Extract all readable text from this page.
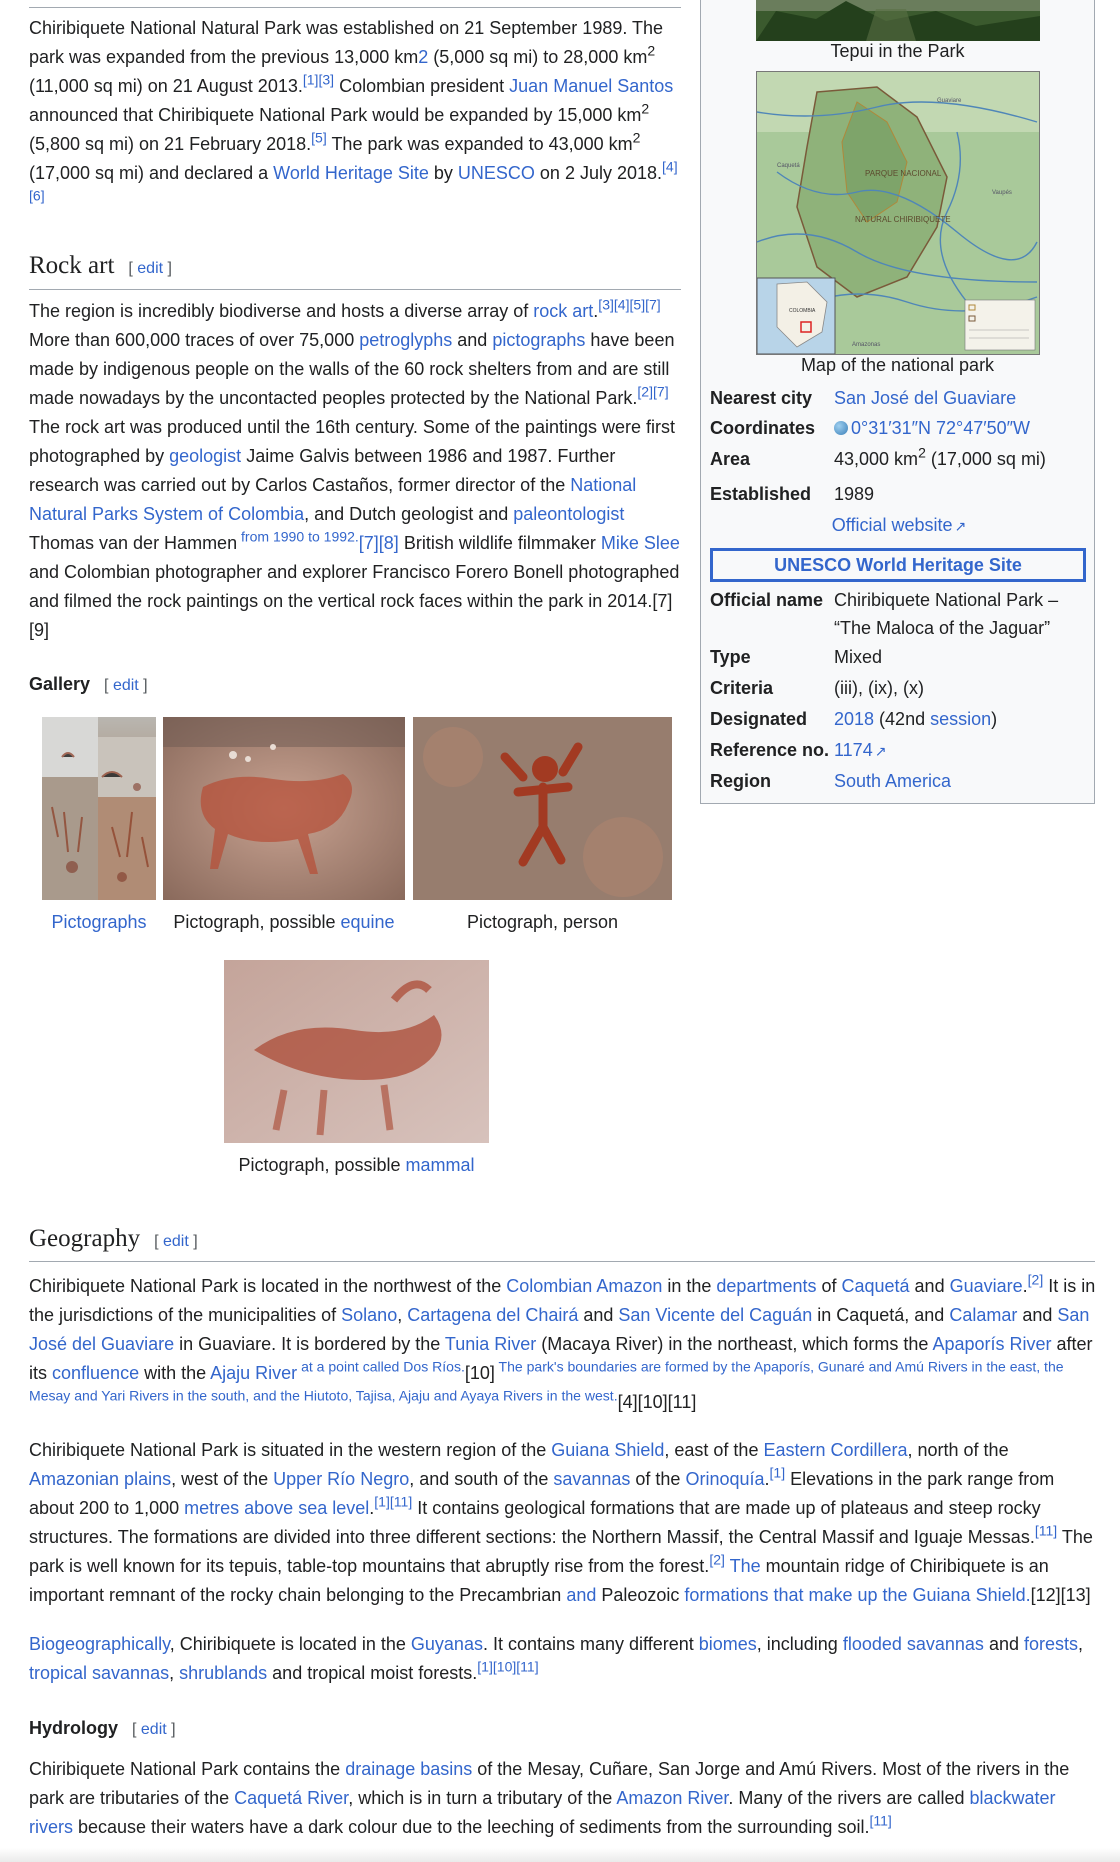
Chiribiquete National Natural Park was established on 21 September 1989. The park was expanded from the previous 13,000 km2 (5,000 sq mi) to 28,000 $km^2$ (11,000 sq mi) on 21 August 2013.[1][3] Colombian president Juan Manuel Santos announced that Chiribiquete National Park would be expanded by 15,000 $km^2$ (5,800 sq mi) on 21 February 2018.[5] The park was expanded to 43,000 $km^2$ (17,000 sq mi) and declared a World Heritage Site by UNESCO on 2 July 2018.[4][6]

Rock art [ edit ]

The region is incredibly biodiverse and hosts a diverse array of rock art.[3][4][5][7] More than 600,000 traces of over 75,000 petroglyphs and pictographs have been made by indigenous people on the walls of the 60 rock shelters from and are still made nowadays by the uncontacted peoples protected by the National Park.[2][7] The rock art was produced until the 16th century. Some of the paintings were first photographed by geologist Jaime Galvis between 1986 and 1987. Further research was carried out by Carlos Castaños, former director of the National Natural Parks System of Colombia, and Dutch geologist and paleontologist Thomas van der Hammen $^{from 1990 to 1992.}$[7][8] British wildlife filmmaker Mike Slee and Colombian photographer and explorer Francisco Forero Bonell photographed and filmed the rock paintings on the vertical rock faces within the park in 2014.[7][9]

Gallery [ edit ]
Pictographs	Pictograph, possible equine	Pictograph, person
Pictograph, possible mammal
Geography [ edit ]

Chiribiquete National Park is located in the northwest of the Colombian Amazon in the departments of Caquetá and Guaviare.[2] It is in the jurisdictions of the municipalities of Solano, Cartagena del Chairá and San Vicente del Caguán in Caquetá, and Calamar and San José del Guaviare in Guaviare. It is bordered by the Tunia River (Macaya River) in the northeast, which forms the Apaporís River after its confluence with the Ajaju River $^{at a point called Dos Ríos.}$[10] $^{The park's boundaries are formed by the Apaporís, Gunaré and Amú Rivers in the east, the Mesay and Yari Rivers in the south, and the Hiutoto, Tajisa, Ajaju and Ayaya Rivers in the west.}$[4][10][11]

Chiribiquete National Park is situated in the western region of the Guiana Shield, east of the Eastern Cordillera, north of the Amazonian plains, west of the Upper Río Negro, and south of the savannas of the Orinoquía.[1] Elevations in the park range from about 200 to 1,000 metres above sea level.[1][11] It contains geological formations that are made up of plateaus and steep rocky structures. The formations are divided into three different sections: the Northern Massif, the Central Massif and Iguaje Messas.[11] The park is well known for its tepuis, table-top mountains that abruptly rise from the forest.[2] The mountain ridge of Chiribiquete is an important remnant of the rocky chain belonging to the Precambrian and Paleozoic formations that make up the Guiana Shield.[12][13]

Biogeographically, Chiribiquete is located in the Guyanas. It contains many different biomes, including flooded savannas and forests, tropical savannas, shrublands and tropical moist forests.[1][10][11]

Hydrology [ edit ]

Chiribiquete National Park contains the drainage basins of the Mesay, Cuñare, San Jorge and Amú Rivers. Most of the rivers in the park are tributaries of the Caquetá River, which is in turn a tributary of the Amazon River. Many of the rivers are called blackwater rivers because their waters have a dark colour due to the leeching of sediments from the surrounding soil.[11]

Tepui in the Park
PARQUE NACIONAL
NATURAL CHIRIBIQUETE
Guaviare
Caquetá
Vaupés
Amazonas
COLOMBIA
Map of the national park
Nearest city San José del Guaviare
Coordinates	0°31′31″N 72°47′50″W
Area	43,000 $km^2$ (17,000 sq mi)
Established 1989
Official website ↗
UNESCO World Heritage Site
Official name Chiribiquete National Park – “The Maloca of the Jaguar”
Type	Mixed
Criteria	(iii), (ix), (x)
Designated 2018 (42nd session)
Reference no. 1174 ↗
Region	South America
